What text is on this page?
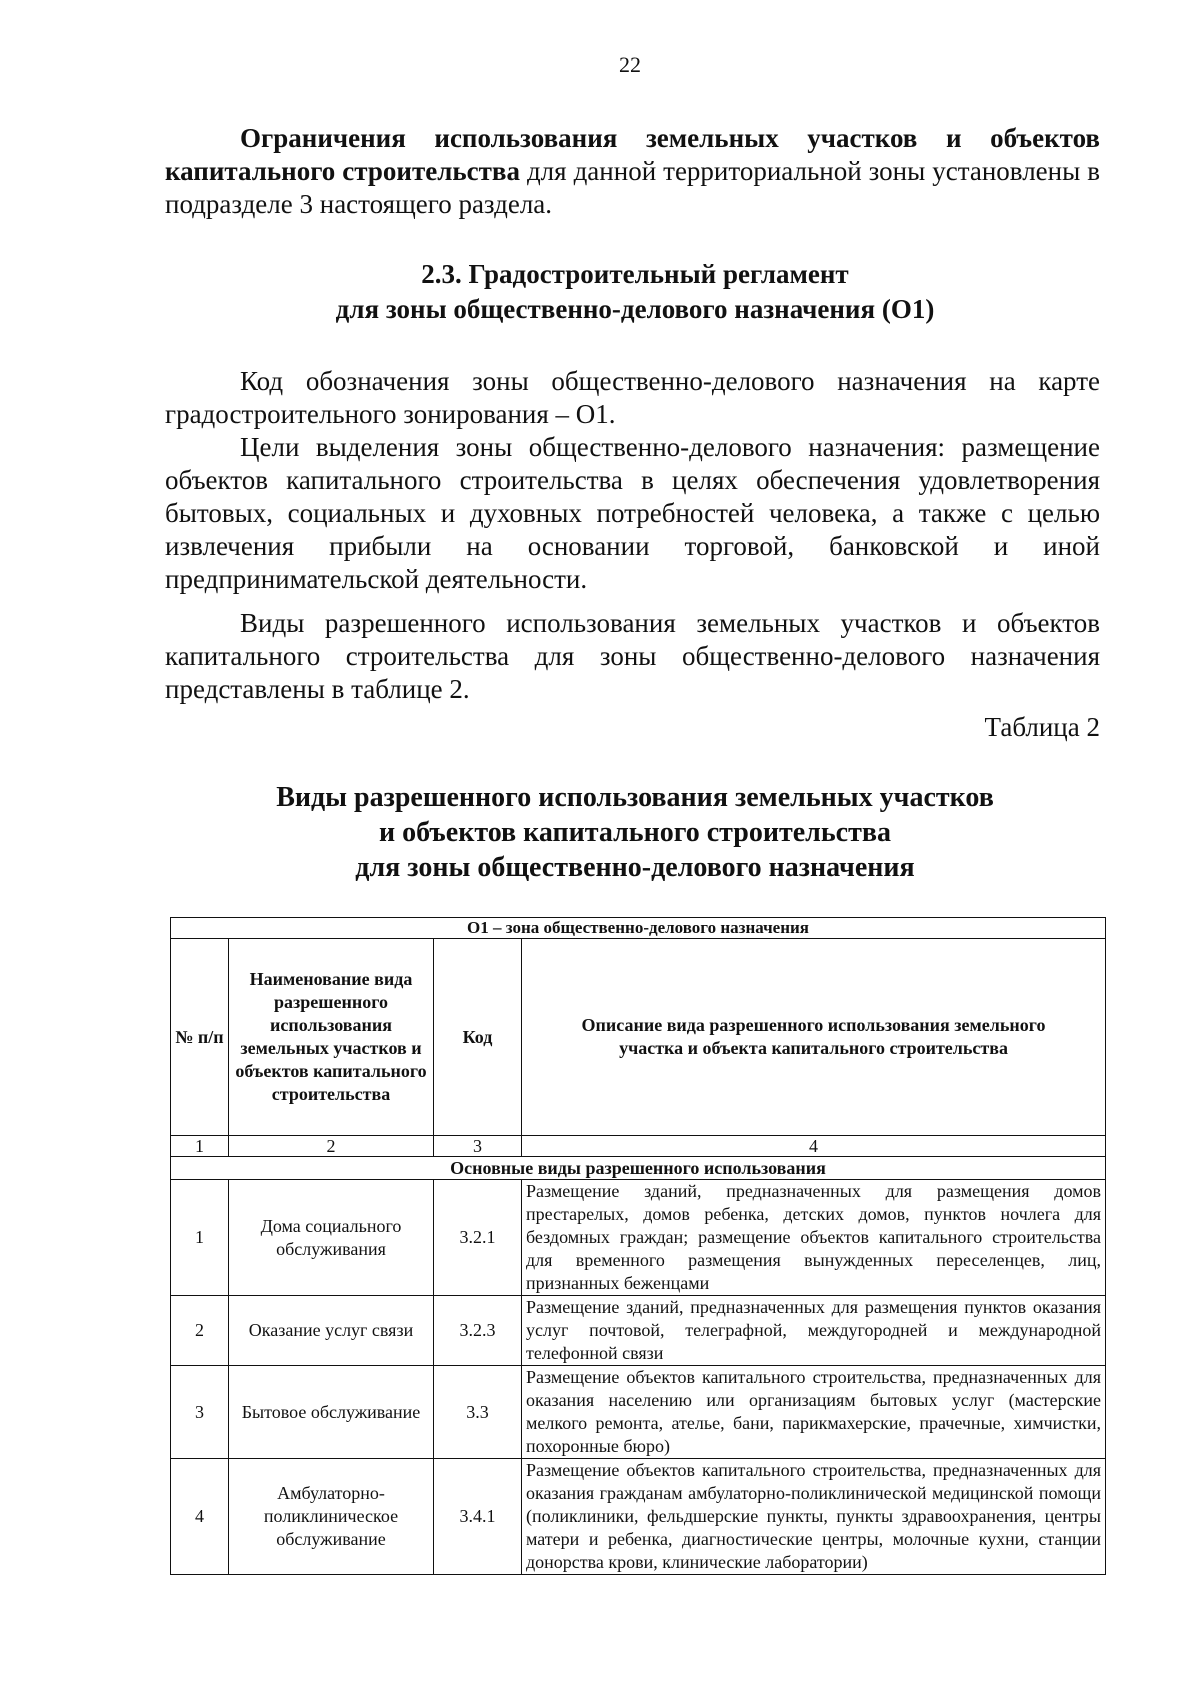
22
Ограничения использования земельных участков и объектов капитального строительства для данной территориальной зоны установлены в подразделе 3 настоящего раздела.
2.3. Градостроительный регламент
для зоны общественно-делового назначения (О1)
Код обозначения зоны общественно-делового назначения на карте градостроительного зонирования – О1.
Цели выделения зоны общественно-делового назначения: размещение объектов капитального строительства в целях обеспечения удовлетворения бытовых, социальных и духовных потребностей человека, а также с целью извлечения прибыли на основании торговой, банковской и иной предпринимательской деятельности.
Виды разрешенного использования земельных участков и объектов капитального строительства для зоны общественно-делового назначения представлены в таблице 2.
Таблица 2
Виды разрешенного использования земельных участков
и объектов капитального строительства
для зоны общественно-делового назначения
О1 – зона общественно-делового назначения			
№ п/п	Наименование вида разрешенного использования земельных участков и объектов капитального строительства	Код	Описание вида разрешенного использования земельного участка и объекта капитального строительства
1	2	3	4
Основные виды разрешенного использования			
1	Дома социального обслуживания	3.2.1	Размещение зданий, предназначенных для размещения домов престарелых, домов ребенка, детских домов, пунктов ночлега для бездомных граждан; размещение объектов капитального строительства для временного размещения вынужденных переселенцев, лиц, признанных беженцами
2	Оказание услуг связи	3.2.3	Размещение зданий, предназначенных для размещения пунктов оказания услуг почтовой, телеграфной, междугородней и международной телефонной связи
3	Бытовое обслуживание	3.3	Размещение объектов капитального строительства, предназначенных для оказания населению или организациям бытовых услуг (мастерские мелкого ремонта, ателье, бани, парикмахерские, прачечные, химчистки, похоронные бюро)
4	Амбулаторно-поликлиническое обслуживание	3.4.1	Размещение объектов капитального строительства, предназначенных для оказания гражданам амбулаторно-поликлинической медицинской помощи (поликлиники, фельдшерские пункты, пункты здравоохранения, центры матери и ребенка, диагностические центры, молочные кухни, станции донорства крови, клинические лаборатории)
